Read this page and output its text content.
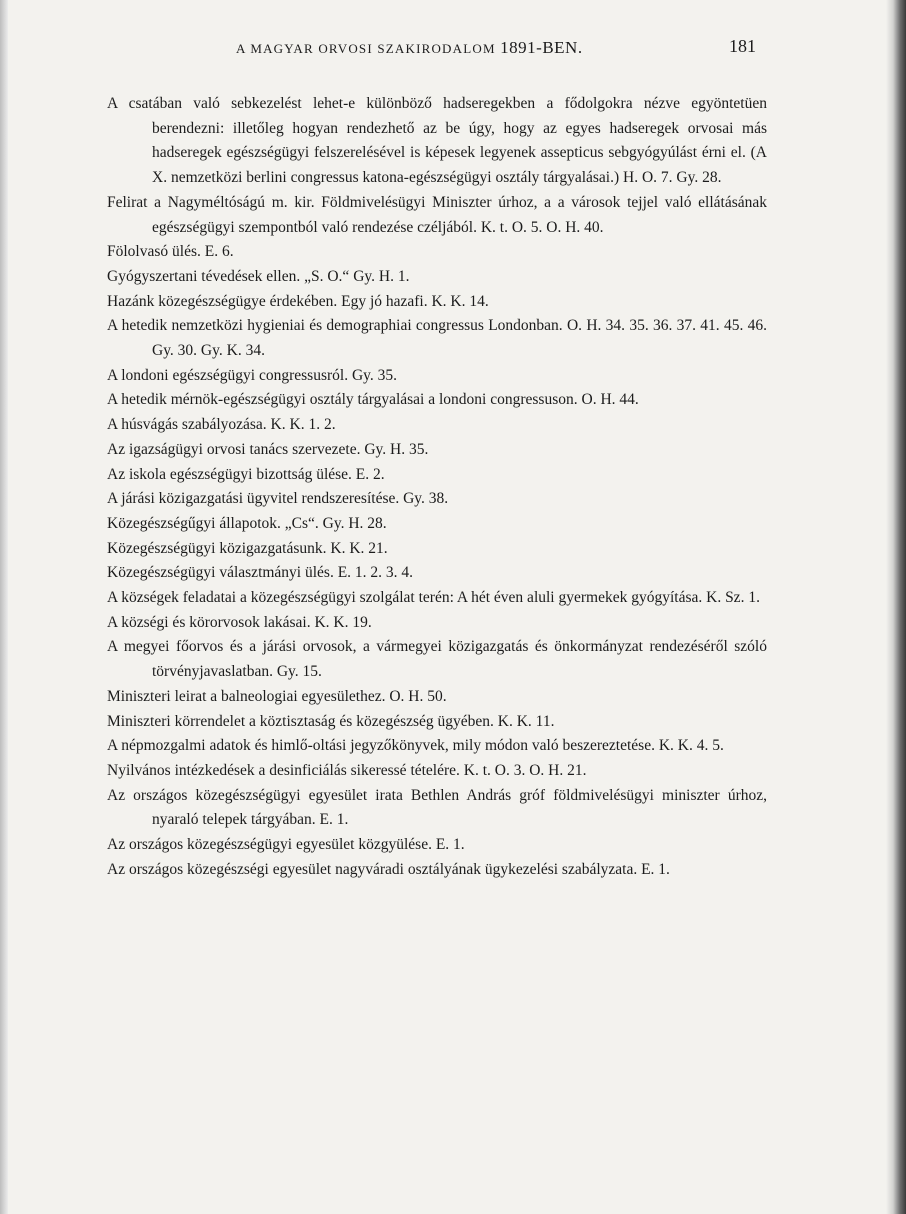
A MAGYAR ORVOSI SZAKIRODALOM 1891-BEN.	181
A csatában való sebkezelést lehet-e különböző hadseregekben a fődolgokra nézve egyöntetüen berendezni: illetőleg hogyan rendezhető az be úgy, hogy az egyes hadseregek orvosai más hadseregek egészségügyi felszerelésével is képesek legyenek assepticus sebgyógyúlást érni el. (A X. nemzetközi berlini congressus katona-egészségügyi osztály tárgyalásai.) H. O. 7. Gy. 28.
Felirat a Nagyméltóságú m. kir. Földmivelésügyi Miniszter úrhoz, a a városok tejjel való ellátásának egészségügyi szempontból való rendezése czéljából. K. t. O. 5. O. H. 40.
Fölolvasó ülés. E. 6.
Gyógyszertani tévedések ellen. „S. O.“ Gy. H. 1.
Hazánk közegészségügye érdekében. Egy jó hazafi. K. K. 14.
A hetedik nemzetközi hygieniai és demographiai congressus Londonban. O. H. 34. 35. 36. 37. 41. 45. 46. Gy. 30. Gy. K. 34.
A londoni egészségügyi congressusról. Gy. 35.
A hetedik mérnök-egészségügyi osztály tárgyalásai a londoni congressuson. O. H. 44.
A húsvágás szabályozása. K. K. 1. 2.
Az igazságügyi orvosi tanács szervezete. Gy. H. 35.
Az iskola egészségügyi bizottság ülése. E. 2.
A járási közigazgatási ügyvitel rendszeresítése. Gy. 38.
Közegészségűgyi állapotok. „Cs“. Gy. H. 28.
Közegészségügyi közigazgatásunk. K. K. 21.
Közegészségügyi választmányi ülés. E. 1. 2. 3. 4.
A községek feladatai a közegészségügyi szolgálat terén: A hét éven aluli gyermekek gyógyítása. K. Sz. 1.
A községi és körorvosok lakásai. K. K. 19.
A megyei főorvos és a járási orvosok, a vármegyei közigazgatás és önkormányzat rendezéséről szóló törvényjavaslatban. Gy. 15.
Miniszteri leirat a balneologiai egyesülethez. O. H. 50.
Miniszteri körrendelet a köztisztaság és közegészség ügyében. K. K. 11.
A népmozgalmi adatok és himlő-oltási jegyzőkönyvek, mily módon való beszereztetése. K. K. 4. 5.
Nyilvános intézkedések a desinficiálás sikeressé tételére. K. t. O. 3. O. H. 21.
Az országos közegészségügyi egyesület irata Bethlen András gróf földmivelésügyi miniszter úrhoz, nyaraló telepek tárgyában. E. 1.
Az országos közegészségügyi egyesület közgyülése. E. 1.
Az országos közegészségi egyesület nagyváradi osztályának ügykezelési szabályzata. E. 1.
